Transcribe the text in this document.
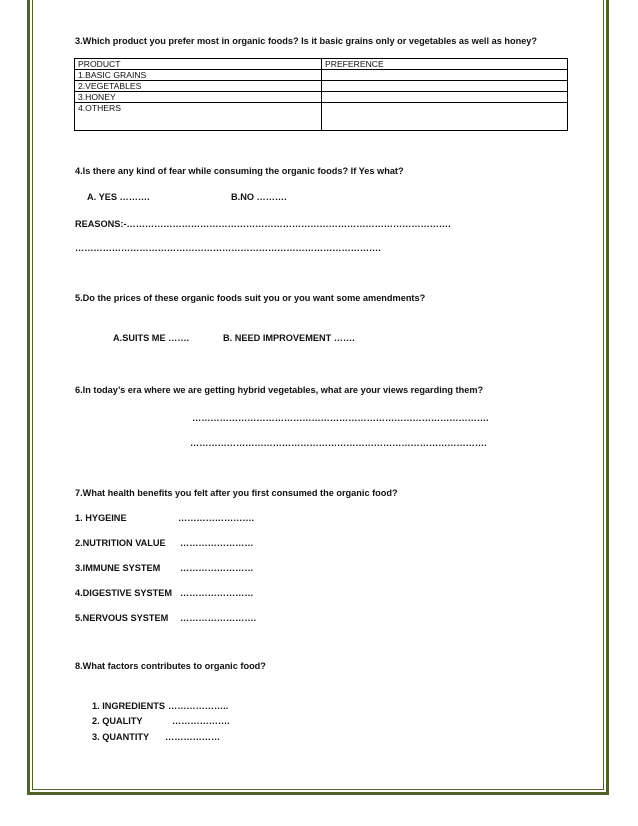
3.Which product you prefer most in organic foods? Is it basic grains only or vegetables as well as honey?
PRODUCT	PREFERENCE
1.BASIC GRAINS	
2.VEGETABLES	
3.HONEY	
4.OTHERS	
4.Is there any kind of fear while consuming the organic foods? If Yes what?
A. YES ……….	B.NO ……….
REASONS:-…………………………………………………………………………………………….
……………………………………………………………………………………….
5.Do the prices of these organic foods suit you or you want some amendments?
A.SUITS ME …….	B. NEED IMPROVEMENT …….
6.In today’s era where we are getting hybrid vegetables, what are your views regarding them?
…………………………………………………………………………………….
…………………………………………………………………………………….
7.What health benefits you felt after you first consumed the organic food?
1. HYGEINE	…………………….
2.NUTRITION VALUE ……………………
3.IMMUNE SYSTEM ……………………
4.DIGESTIVE SYSTEM ……………………
5.NERVOUS SYSTEM …………………….
8.What factors contributes to organic food?
1. INGREDIENTS ………………..
2. QUALITY	……………….
3. QUANTITY ………………
